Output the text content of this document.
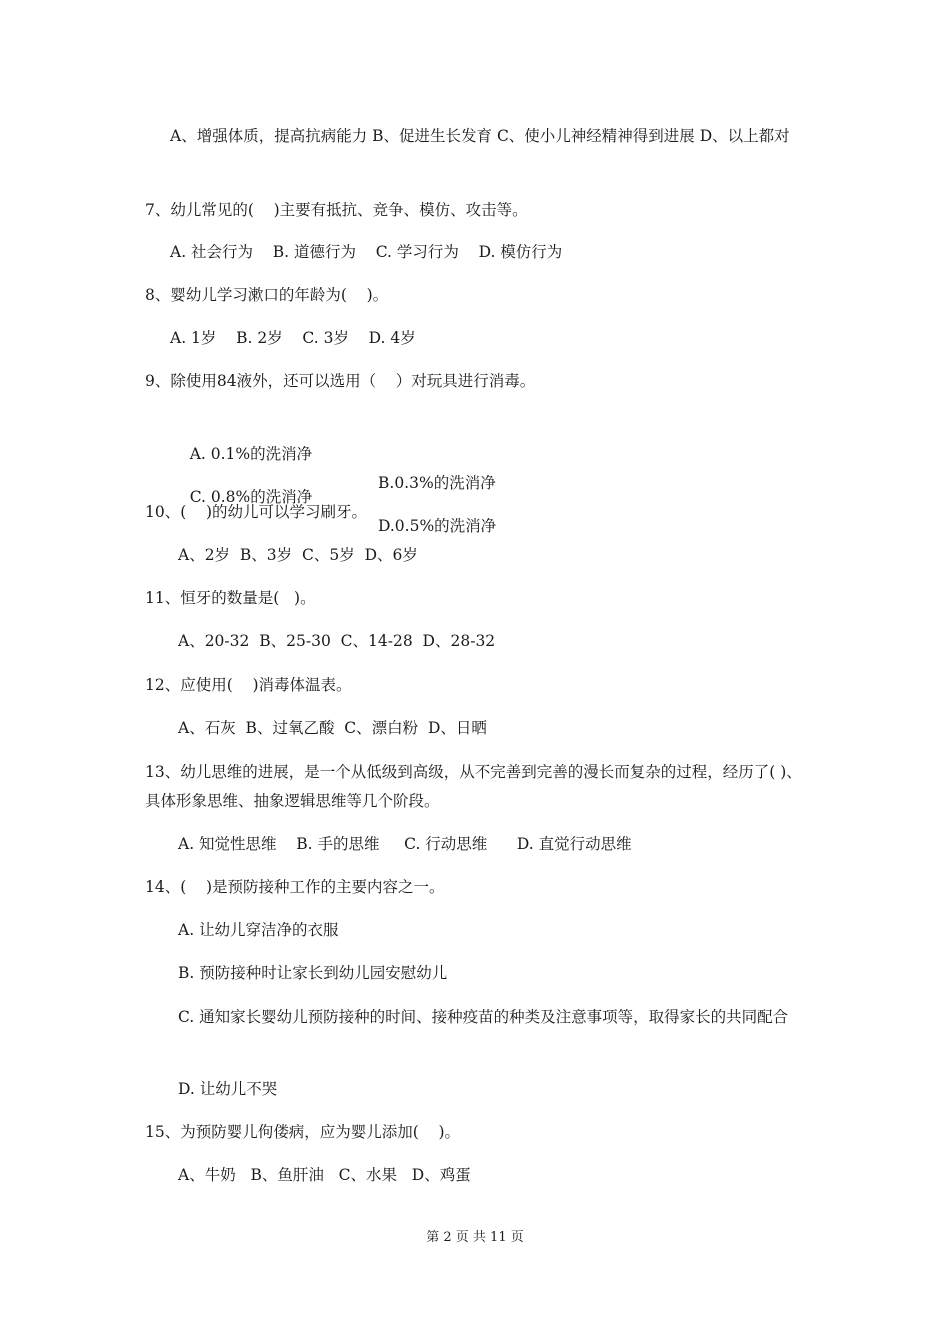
A、增强体质，提高抗病能力 B、促进生长发育 C、使小儿神经精神得到进展 D、以上都对
7、幼儿常见的(    )主要有抵抗、竞争、模仿、攻击等。
A. 社会行为    B. 道德行为    C. 学习行为    D. 模仿行为
8、婴幼儿学习漱口的年龄为(    )。
A. 1岁    B. 2岁    C. 3岁    D. 4岁
9、除使用84液外，还可以选用（    ）对玩具进行消毒。

A. 0.1%的洗消净

B.0.3%的洗消净

C. 0.8%的洗消净

D.0.5%的洗消净

10、(    )的幼儿可以学习刷牙。
A、2岁  B、3岁  C、5岁  D、6岁
11、恒牙的数量是(   )。
A、20-32  B、25-30  C、14-28  D、28-32
12、应使用(    )消毒体温表。
A、石灰  B、过氧乙酸  C、漂白粉  D、日晒
13、幼儿思维的进展，是一个从低级到高级，从不完善到完善的漫长而复杂的过程，经历了( )、具体形象思维、抽象逻辑思维等几个阶段。
A. 知觉性思维    B. 手的思维     C. 行动思维      D. 直觉行动思维
14、(    )是预防接种工作的主要内容之一。
A. 让幼儿穿洁净的衣服
B. 预防接种时让家长到幼儿园安慰幼儿
C. 通知家长婴幼儿预防接种的时间、接种疫苗的种类及注意事项等，取得家长的共同配合
D. 让幼儿不哭
15、为预防婴儿佝偻病，应为婴儿添加(    )。
A、牛奶   B、鱼肝油   C、水果   D、鸡蛋
第 2 页 共 11 页
